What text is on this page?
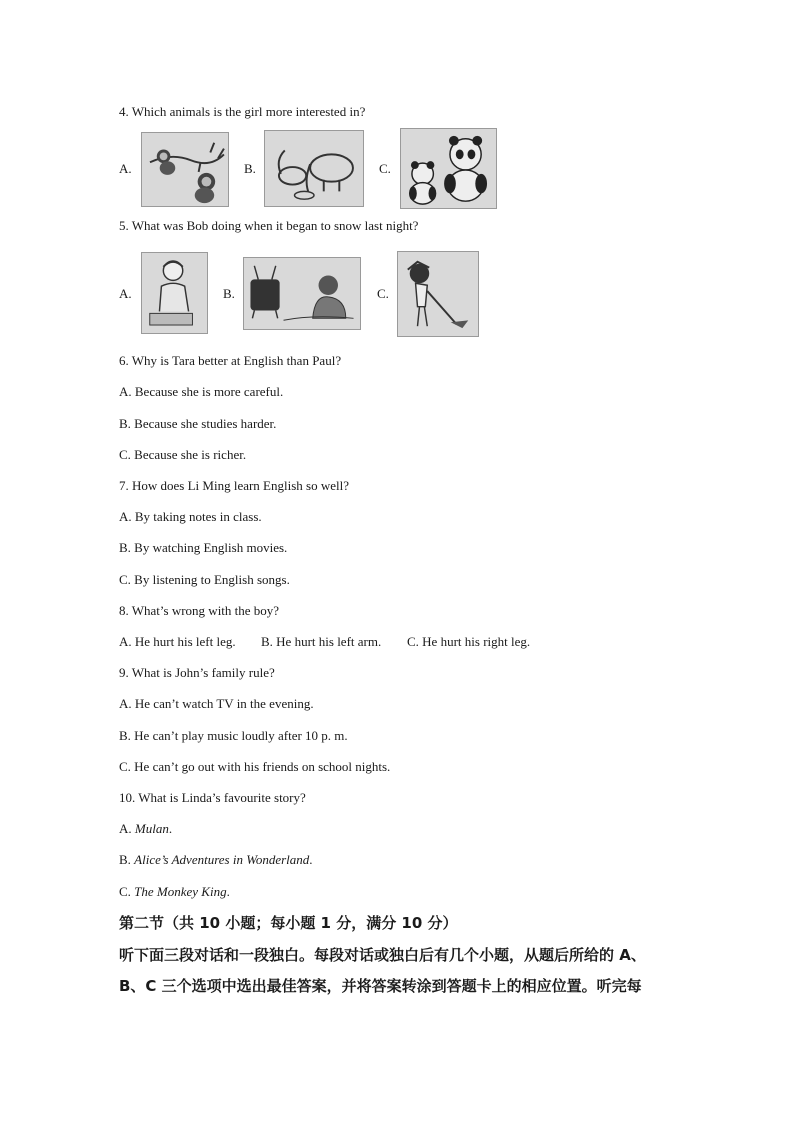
4. Which animals is the girl more interested in?
A.	B.	C.
5. What was Bob doing when it began to snow last night?
A.	B.	C.
6. Why is Tara better at English than Paul?
A. Because she is more careful.
B. Because she studies harder.
C. Because she is richer.
7. How does Li Ming learn English so well?
A. By taking notes in class.
B. By watching English movies.
C. By listening to English songs.
8. What’s wrong with the boy?
A. He hurt his left leg. B. He hurt his left arm. C. He hurt his right leg.
9. What is John’s family rule?
A. He can’t watch TV in the evening.
B. He can’t play music loudly after 10 p. m.
C. He can’t go out with his friends on school nights.
10. What is Linda’s favourite story?
A. Mulan.
B. Alice’s Adventures in Wonderland.
C. The Monkey King.
第二节（共 10 小题；每小题 1 分，满分 10 分）
听下面三段对话和一段独白。每段对话或独白后有几个小题，从题后所给的 A、
B、C 三个选项中选出最佳答案，并将答案转涂到答题卡上的相应位置。听完每
